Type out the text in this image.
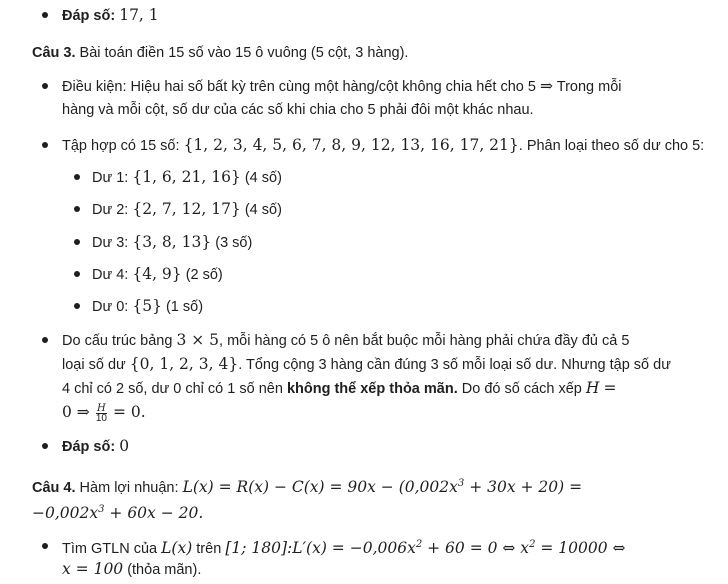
Đáp số: 17, 1
Câu 3. Bài toán điền 15 số vào 15 ô vuông (5 cột, 3 hàng).
Điều kiện: Hiệu hai số bất kỳ trên cùng một hàng/cột không chia hết cho 5 ⇒ Trong mỗi
hàng và mỗi cột, số dư của các số khi chia cho 5 phải đôi một khác nhau.
Tập hợp có 15 số: {1, 2, 3, 4, 5, 6, 7, 8, 9, 12, 13, 16, 17, 21}. Phân loại theo số dư cho 5:
Dư 1: {1, 6, 21, 16} (4 số)
Dư 2: {2, 7, 12, 17} (4 số)
Dư 3: {3, 8, 13} (3 số)
Dư 4: {4, 9} (2 số)
Dư 0: {5} (1 số)
Do cấu trúc bảng 3 × 5, mỗi hàng có 5 ô nên bắt buộc mỗi hàng phải chứa đầy đủ cả 5
loại số dư {0, 1, 2, 3, 4}. Tổng cộng 3 hàng cần đúng 3 số mỗi loại số dư. Nhưng tập số dư
4 chỉ có 2 số, dư 0 chỉ có 1 số nên không thể xếp thỏa mãn. Do đó số cách xếp H =
0 ⇒ $\frac{H}{10} = 0$.
Đáp số: 0
Câu 4. Hàm lợi nhuận: $L(x) = R(x) - C(x) = 90x - (0,002x^3 + 30x + 20)$ =
$-0,002x^3 + 60x - 20$.
Tìm GTLN của L(x) trên [1; 180]:L′(x) = $-0,006x^2 + 60 = 0$ ⇔ $x^2 = 10000$ ⇔
x = 100 (thỏa mãn).
